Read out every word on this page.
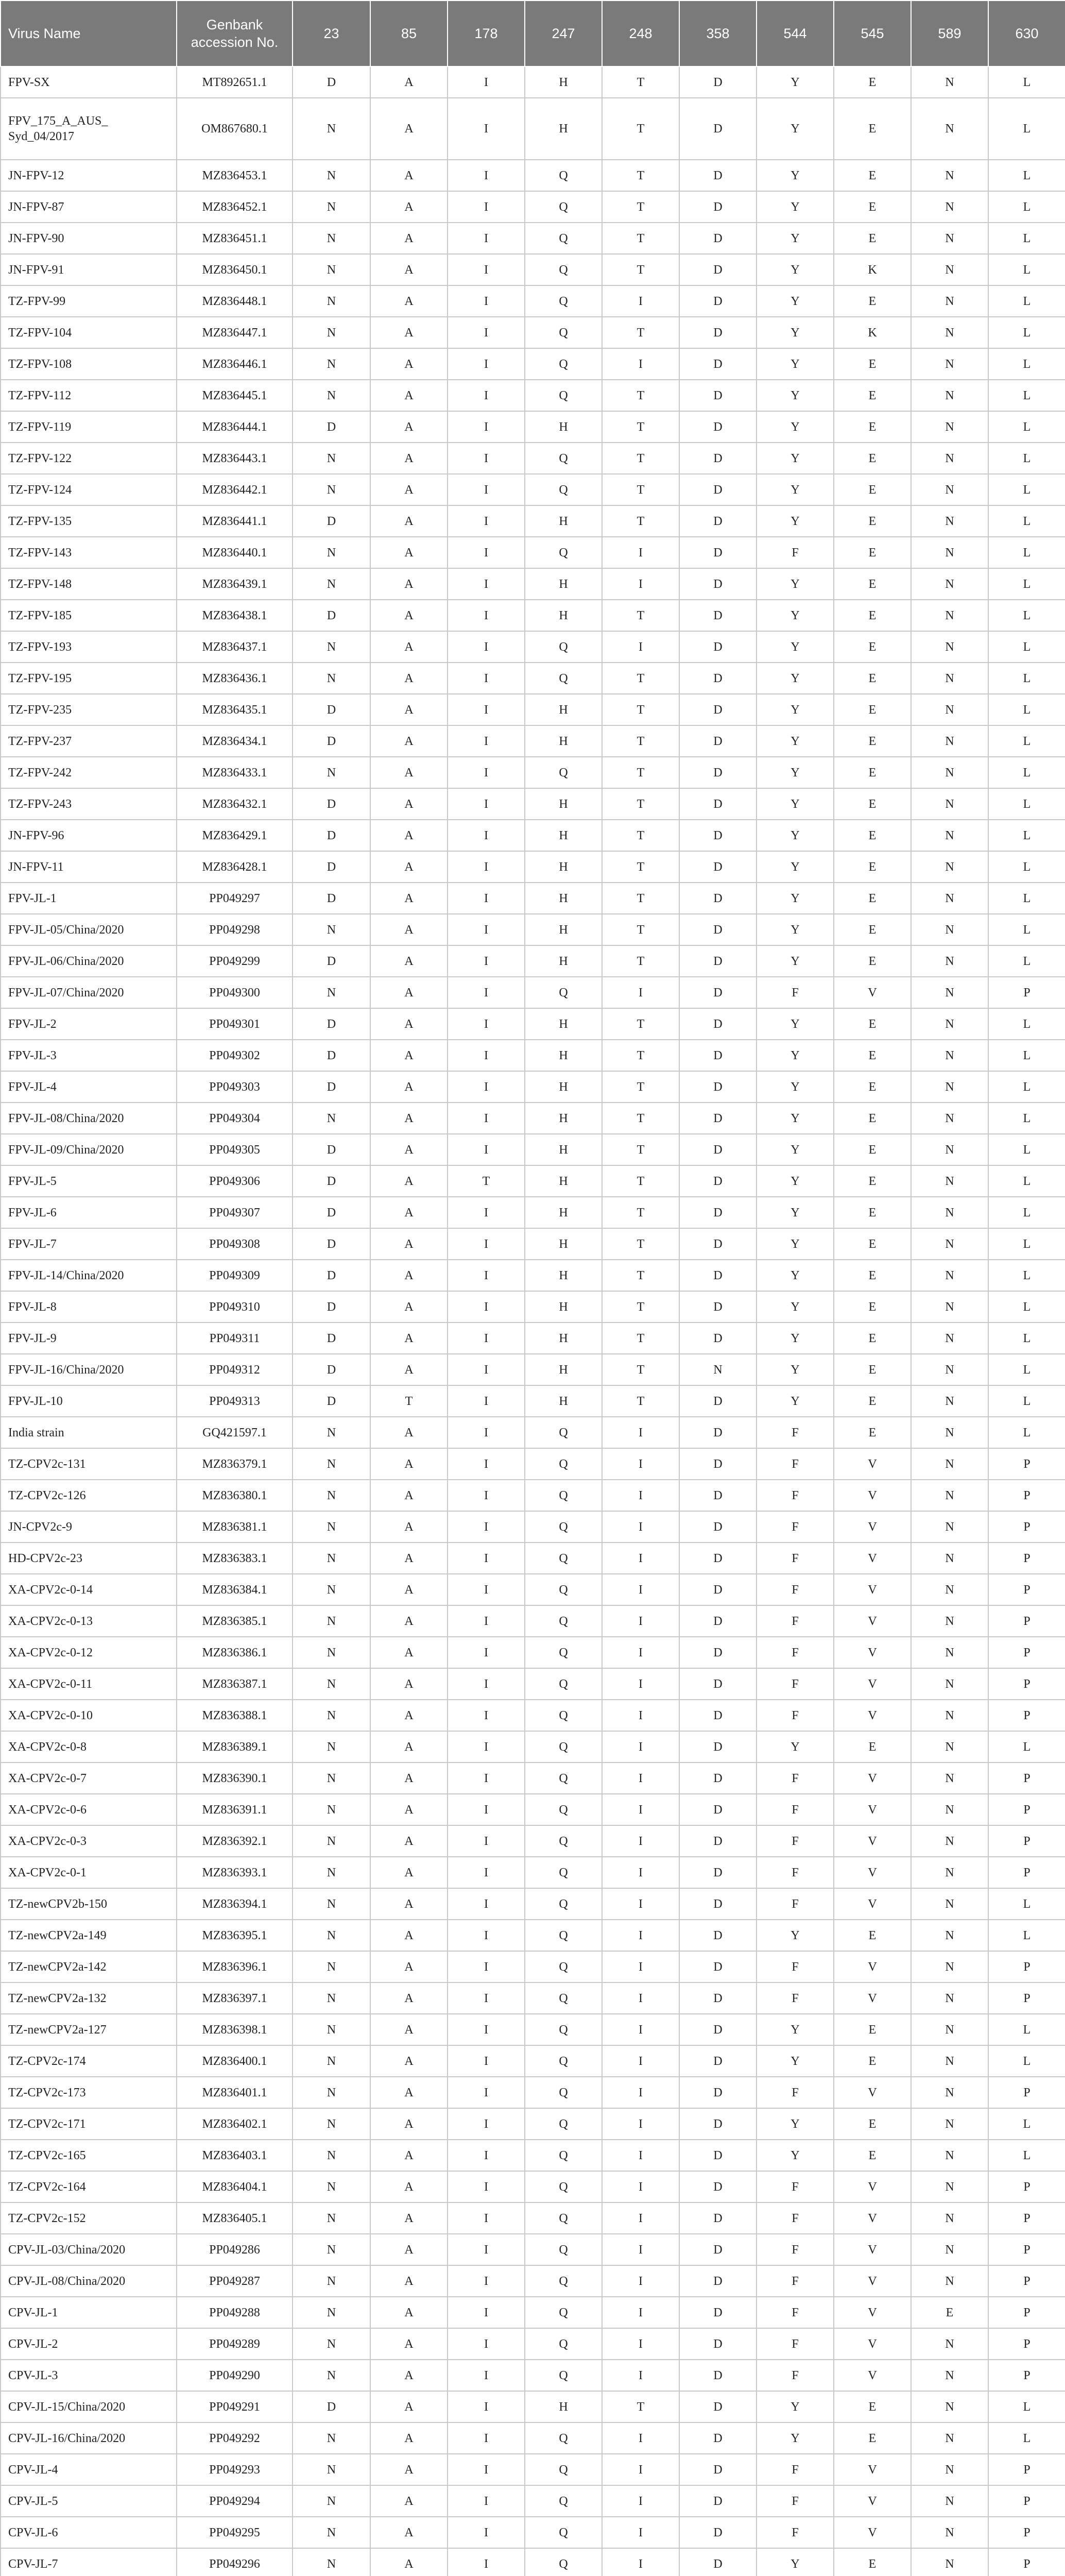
Virus Name	Genbank accession No.	23	85	178	247	248	358	544	545	589	630
FPV-SX	MT892651.1	D	A	I	H	T	D	Y	E	N	L
FPV_175_A_AUS_ Syd_04/2017	OM867680.1	N	A	I	H	T	D	Y	E	N	L
JN-FPV-12	MZ836453.1	N	A	I	Q	T	D	Y	E	N	L
JN-FPV-87	MZ836452.1	N	A	I	Q	T	D	Y	E	N	L
JN-FPV-90	MZ836451.1	N	A	I	Q	T	D	Y	E	N	L
JN-FPV-91	MZ836450.1	N	A	I	Q	T	D	Y	K	N	L
TZ-FPV-99	MZ836448.1	N	A	I	Q	I	D	Y	E	N	L
TZ-FPV-104	MZ836447.1	N	A	I	Q	T	D	Y	K	N	L
TZ-FPV-108	MZ836446.1	N	A	I	Q	I	D	Y	E	N	L
TZ-FPV-112	MZ836445.1	N	A	I	Q	T	D	Y	E	N	L
TZ-FPV-119	MZ836444.1	D	A	I	H	T	D	Y	E	N	L
TZ-FPV-122	MZ836443.1	N	A	I	Q	T	D	Y	E	N	L
TZ-FPV-124	MZ836442.1	N	A	I	Q	T	D	Y	E	N	L
TZ-FPV-135	MZ836441.1	D	A	I	H	T	D	Y	E	N	L
TZ-FPV-143	MZ836440.1	N	A	I	Q	I	D	F	E	N	L
TZ-FPV-148	MZ836439.1	N	A	I	H	I	D	Y	E	N	L
TZ-FPV-185	MZ836438.1	D	A	I	H	T	D	Y	E	N	L
TZ-FPV-193	MZ836437.1	N	A	I	Q	I	D	Y	E	N	L
TZ-FPV-195	MZ836436.1	N	A	I	Q	T	D	Y	E	N	L
TZ-FPV-235	MZ836435.1	D	A	I	H	T	D	Y	E	N	L
TZ-FPV-237	MZ836434.1	D	A	I	H	T	D	Y	E	N	L
TZ-FPV-242	MZ836433.1	N	A	I	Q	T	D	Y	E	N	L
TZ-FPV-243	MZ836432.1	D	A	I	H	T	D	Y	E	N	L
JN-FPV-96	MZ836429.1	D	A	I	H	T	D	Y	E	N	L
JN-FPV-11	MZ836428.1	D	A	I	H	T	D	Y	E	N	L
FPV-JL-1	PP049297	D	A	I	H	T	D	Y	E	N	L
FPV-JL-05/China/2020	PP049298	N	A	I	H	T	D	Y	E	N	L
FPV-JL-06/China/2020	PP049299	D	A	I	H	T	D	Y	E	N	L
FPV-JL-07/China/2020	PP049300	N	A	I	Q	I	D	F	V	N	P
FPV-JL-2	PP049301	D	A	I	H	T	D	Y	E	N	L
FPV-JL-3	PP049302	D	A	I	H	T	D	Y	E	N	L
FPV-JL-4	PP049303	D	A	I	H	T	D	Y	E	N	L
FPV-JL-08/China/2020	PP049304	N	A	I	H	T	D	Y	E	N	L
FPV-JL-09/China/2020	PP049305	D	A	I	H	T	D	Y	E	N	L
FPV-JL-5	PP049306	D	A	T	H	T	D	Y	E	N	L
FPV-JL-6	PP049307	D	A	I	H	T	D	Y	E	N	L
FPV-JL-7	PP049308	D	A	I	H	T	D	Y	E	N	L
FPV-JL-14/China/2020	PP049309	D	A	I	H	T	D	Y	E	N	L
FPV-JL-8	PP049310	D	A	I	H	T	D	Y	E	N	L
FPV-JL-9	PP049311	D	A	I	H	T	D	Y	E	N	L
FPV-JL-16/China/2020	PP049312	D	A	I	H	T	N	Y	E	N	L
FPV-JL-10	PP049313	D	T	I	H	T	D	Y	E	N	L
India strain	GQ421597.1	N	A	I	Q	I	D	F	E	N	L
TZ-CPV2c-131	MZ836379.1	N	A	I	Q	I	D	F	V	N	P
TZ-CPV2c-126	MZ836380.1	N	A	I	Q	I	D	F	V	N	P
JN-CPV2c-9	MZ836381.1	N	A	I	Q	I	D	F	V	N	P
HD-CPV2c-23	MZ836383.1	N	A	I	Q	I	D	F	V	N	P
XA-CPV2c-0-14	MZ836384.1	N	A	I	Q	I	D	F	V	N	P
XA-CPV2c-0-13	MZ836385.1	N	A	I	Q	I	D	F	V	N	P
XA-CPV2c-0-12	MZ836386.1	N	A	I	Q	I	D	F	V	N	P
XA-CPV2c-0-11	MZ836387.1	N	A	I	Q	I	D	F	V	N	P
XA-CPV2c-0-10	MZ836388.1	N	A	I	Q	I	D	F	V	N	P
XA-CPV2c-0-8	MZ836389.1	N	A	I	Q	I	D	Y	E	N	L
XA-CPV2c-0-7	MZ836390.1	N	A	I	Q	I	D	F	V	N	P
XA-CPV2c-0-6	MZ836391.1	N	A	I	Q	I	D	F	V	N	P
XA-CPV2c-0-3	MZ836392.1	N	A	I	Q	I	D	F	V	N	P
XA-CPV2c-0-1	MZ836393.1	N	A	I	Q	I	D	F	V	N	P
TZ-newCPV2b-150	MZ836394.1	N	A	I	Q	I	D	F	V	N	L
TZ-newCPV2a-149	MZ836395.1	N	A	I	Q	I	D	Y	E	N	L
TZ-newCPV2a-142	MZ836396.1	N	A	I	Q	I	D	F	V	N	P
TZ-newCPV2a-132	MZ836397.1	N	A	I	Q	I	D	F	V	N	P
TZ-newCPV2a-127	MZ836398.1	N	A	I	Q	I	D	Y	E	N	L
TZ-CPV2c-174	MZ836400.1	N	A	I	Q	I	D	Y	E	N	L
TZ-CPV2c-173	MZ836401.1	N	A	I	Q	I	D	F	V	N	P
TZ-CPV2c-171	MZ836402.1	N	A	I	Q	I	D	Y	E	N	L
TZ-CPV2c-165	MZ836403.1	N	A	I	Q	I	D	Y	E	N	L
TZ-CPV2c-164	MZ836404.1	N	A	I	Q	I	D	F	V	N	P
TZ-CPV2c-152	MZ836405.1	N	A	I	Q	I	D	F	V	N	P
CPV-JL-03/China/2020	PP049286	N	A	I	Q	I	D	F	V	N	P
CPV-JL-08/China/2020	PP049287	N	A	I	Q	I	D	F	V	N	P
CPV-JL-1	PP049288	N	A	I	Q	I	D	F	V	E	P
CPV-JL-2	PP049289	N	A	I	Q	I	D	F	V	N	P
CPV-JL-3	PP049290	N	A	I	Q	I	D	F	V	N	P
CPV-JL-15/China/2020	PP049291	D	A	I	H	T	D	Y	E	N	L
CPV-JL-16/China/2020	PP049292	N	A	I	Q	I	D	Y	E	N	L
CPV-JL-4	PP049293	N	A	I	Q	I	D	F	V	N	P
CPV-JL-5	PP049294	N	A	I	Q	I	D	F	V	N	P
CPV-JL-6	PP049295	N	A	I	Q	I	D	F	V	N	P
CPV-JL-7	PP049296	N	A	I	Q	I	D	Y	E	N	P
